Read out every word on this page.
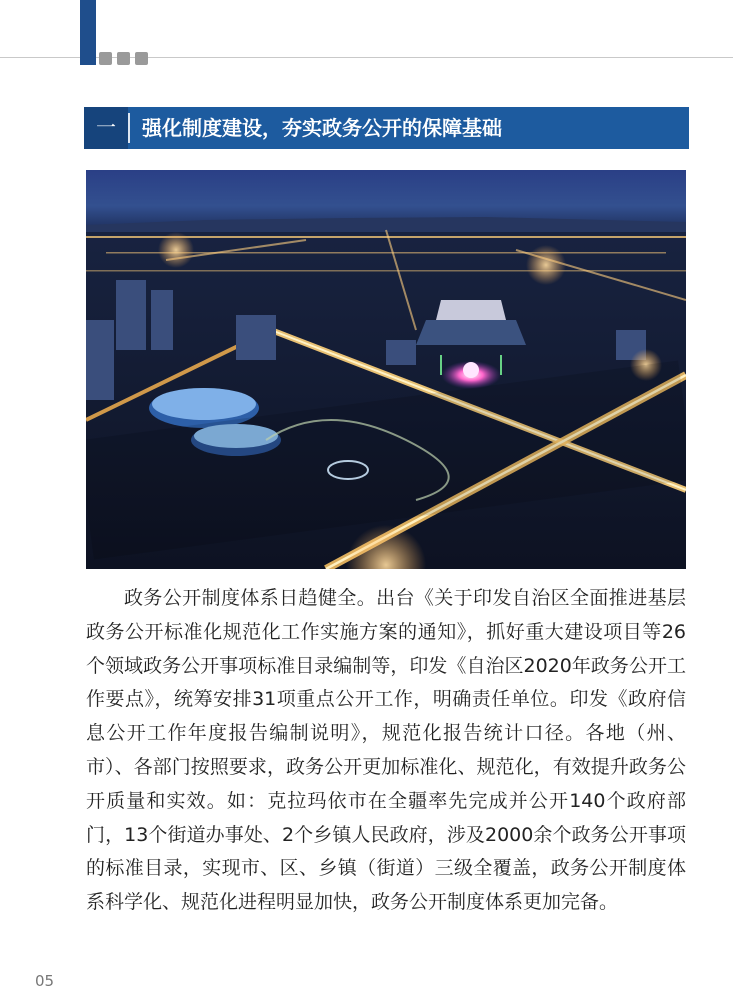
一	强化制度建设，夯实政务公开的保障基础

政务公开制度体系日趋健全。出台《关于印发自治区全面推进基层政务公开标准化规范化工作实施方案的通知》，抓好重大建设项目等26个领域政务公开事项标准目录编制等，印发《自治区2020年政务公开工作要点》，统筹安排31项重点公开工作，明确责任单位。印发《政府信息公开工作年度报告编制说明》，规范化报告统计口径。各地（州、市）、各部门按照要求，政务公开更加标准化、规范化，有效提升政务公开质量和实效。如：克拉玛依市在全疆率先完成并公开140个政府部门，13个街道办事处、2个乡镇人民政府，涉及2000余个政务公开事项的标准目录，实现市、区、乡镇（街道）三级全覆盖，政务公开制度体系科学化、规范化进程明显加快，政务公开制度体系更加完备。

05
